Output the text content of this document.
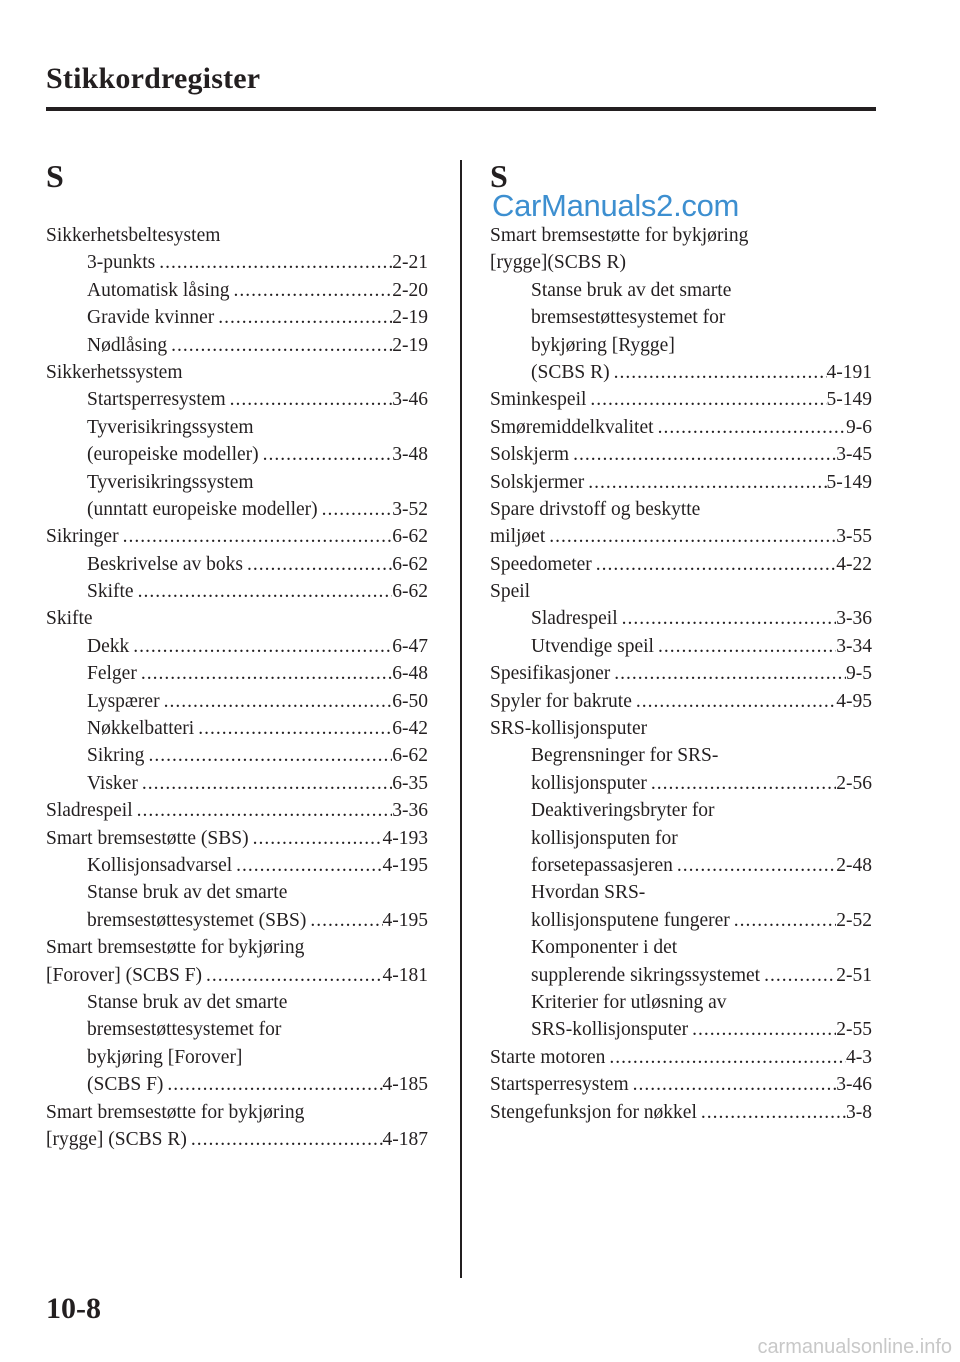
Stikkordregister
S
Sikkerhetsbeltesystem
3-punkts .....	2-21
Automatisk låsing .....	2-20
Gravide kvinner .....	2-19
Nødlåsing .....	2-19
Sikkerhetssystem
Startsperresystem .....	3-46
Tyverisikringssystem
(europeiske modeller) .....	3-48
Tyverisikringssystem
(unntatt europeiske modeller) .....	3-52
Sikringer .....	6-62
Beskrivelse av boks .....	6-62
Skifte .....	6-62
Skifte
Dekk .....	6-47
Felger .....	6-48
Lyspærer .....	6-50
Nøkkelbatteri .....	6-42
Sikring .....	6-62
Visker .....	6-35
Sladrespeil .....	3-36
Smart bremsestøtte (SBS) .....	4-193
Kollisjonsadvarsel .....	4-195
Stanse bruk av det smarte
bremsestøttesystemet (SBS) .....	4-195
Smart bremsestøtte for bykjøring
[Forover] (SCBS F) .....	4-181
Stanse bruk av det smarte
bremsestøttesystemet for
bykjøring [Forover]
(SCBS F) .....	4-185
Smart bremsestøtte for bykjøring
[rygge] (SCBS R) .....	4-187
S
Smart bremsestøtte for bykjøring
[rygge](SCBS R)
Stanse bruk av det smarte
bremsestøttesystemet for
bykjøring [Rygge]
(SCBS R) .....	4-191
Sminkespeil .....	5-149
Smøremiddelkvalitet .....	9-6
Solskjerm .....	3-45
Solskjermer .....	5-149
Spare drivstoff og beskytte
miljøet .....	3-55
Speedometer .....	4-22
Speil
Sladrespeil .....	3-36
Utvendige speil .....	3-34
Spesifikasjoner .....	9-5
Spyler for bakrute .....	4-95
SRS-kollisjonsputer
Begrensninger for SRS-
kollisjonsputer .....	2-56
Deaktiveringsbryter for
kollisjonsputen for
forsetepassasjeren .....	2-48
Hvordan SRS-
kollisjonsputene fungerer .....	2-52
Komponenter i det
supplerende sikringssystemet .....	2-51
Kriterier for utløsning av
SRS-kollisjonsputer .....	2-55
Starte motoren .....	4-3
Startsperresystem .....	3-46
Stengefunksjon for nøkkel .....	3-8
CarManuals2.com
10-8
carmanualsonline.info
